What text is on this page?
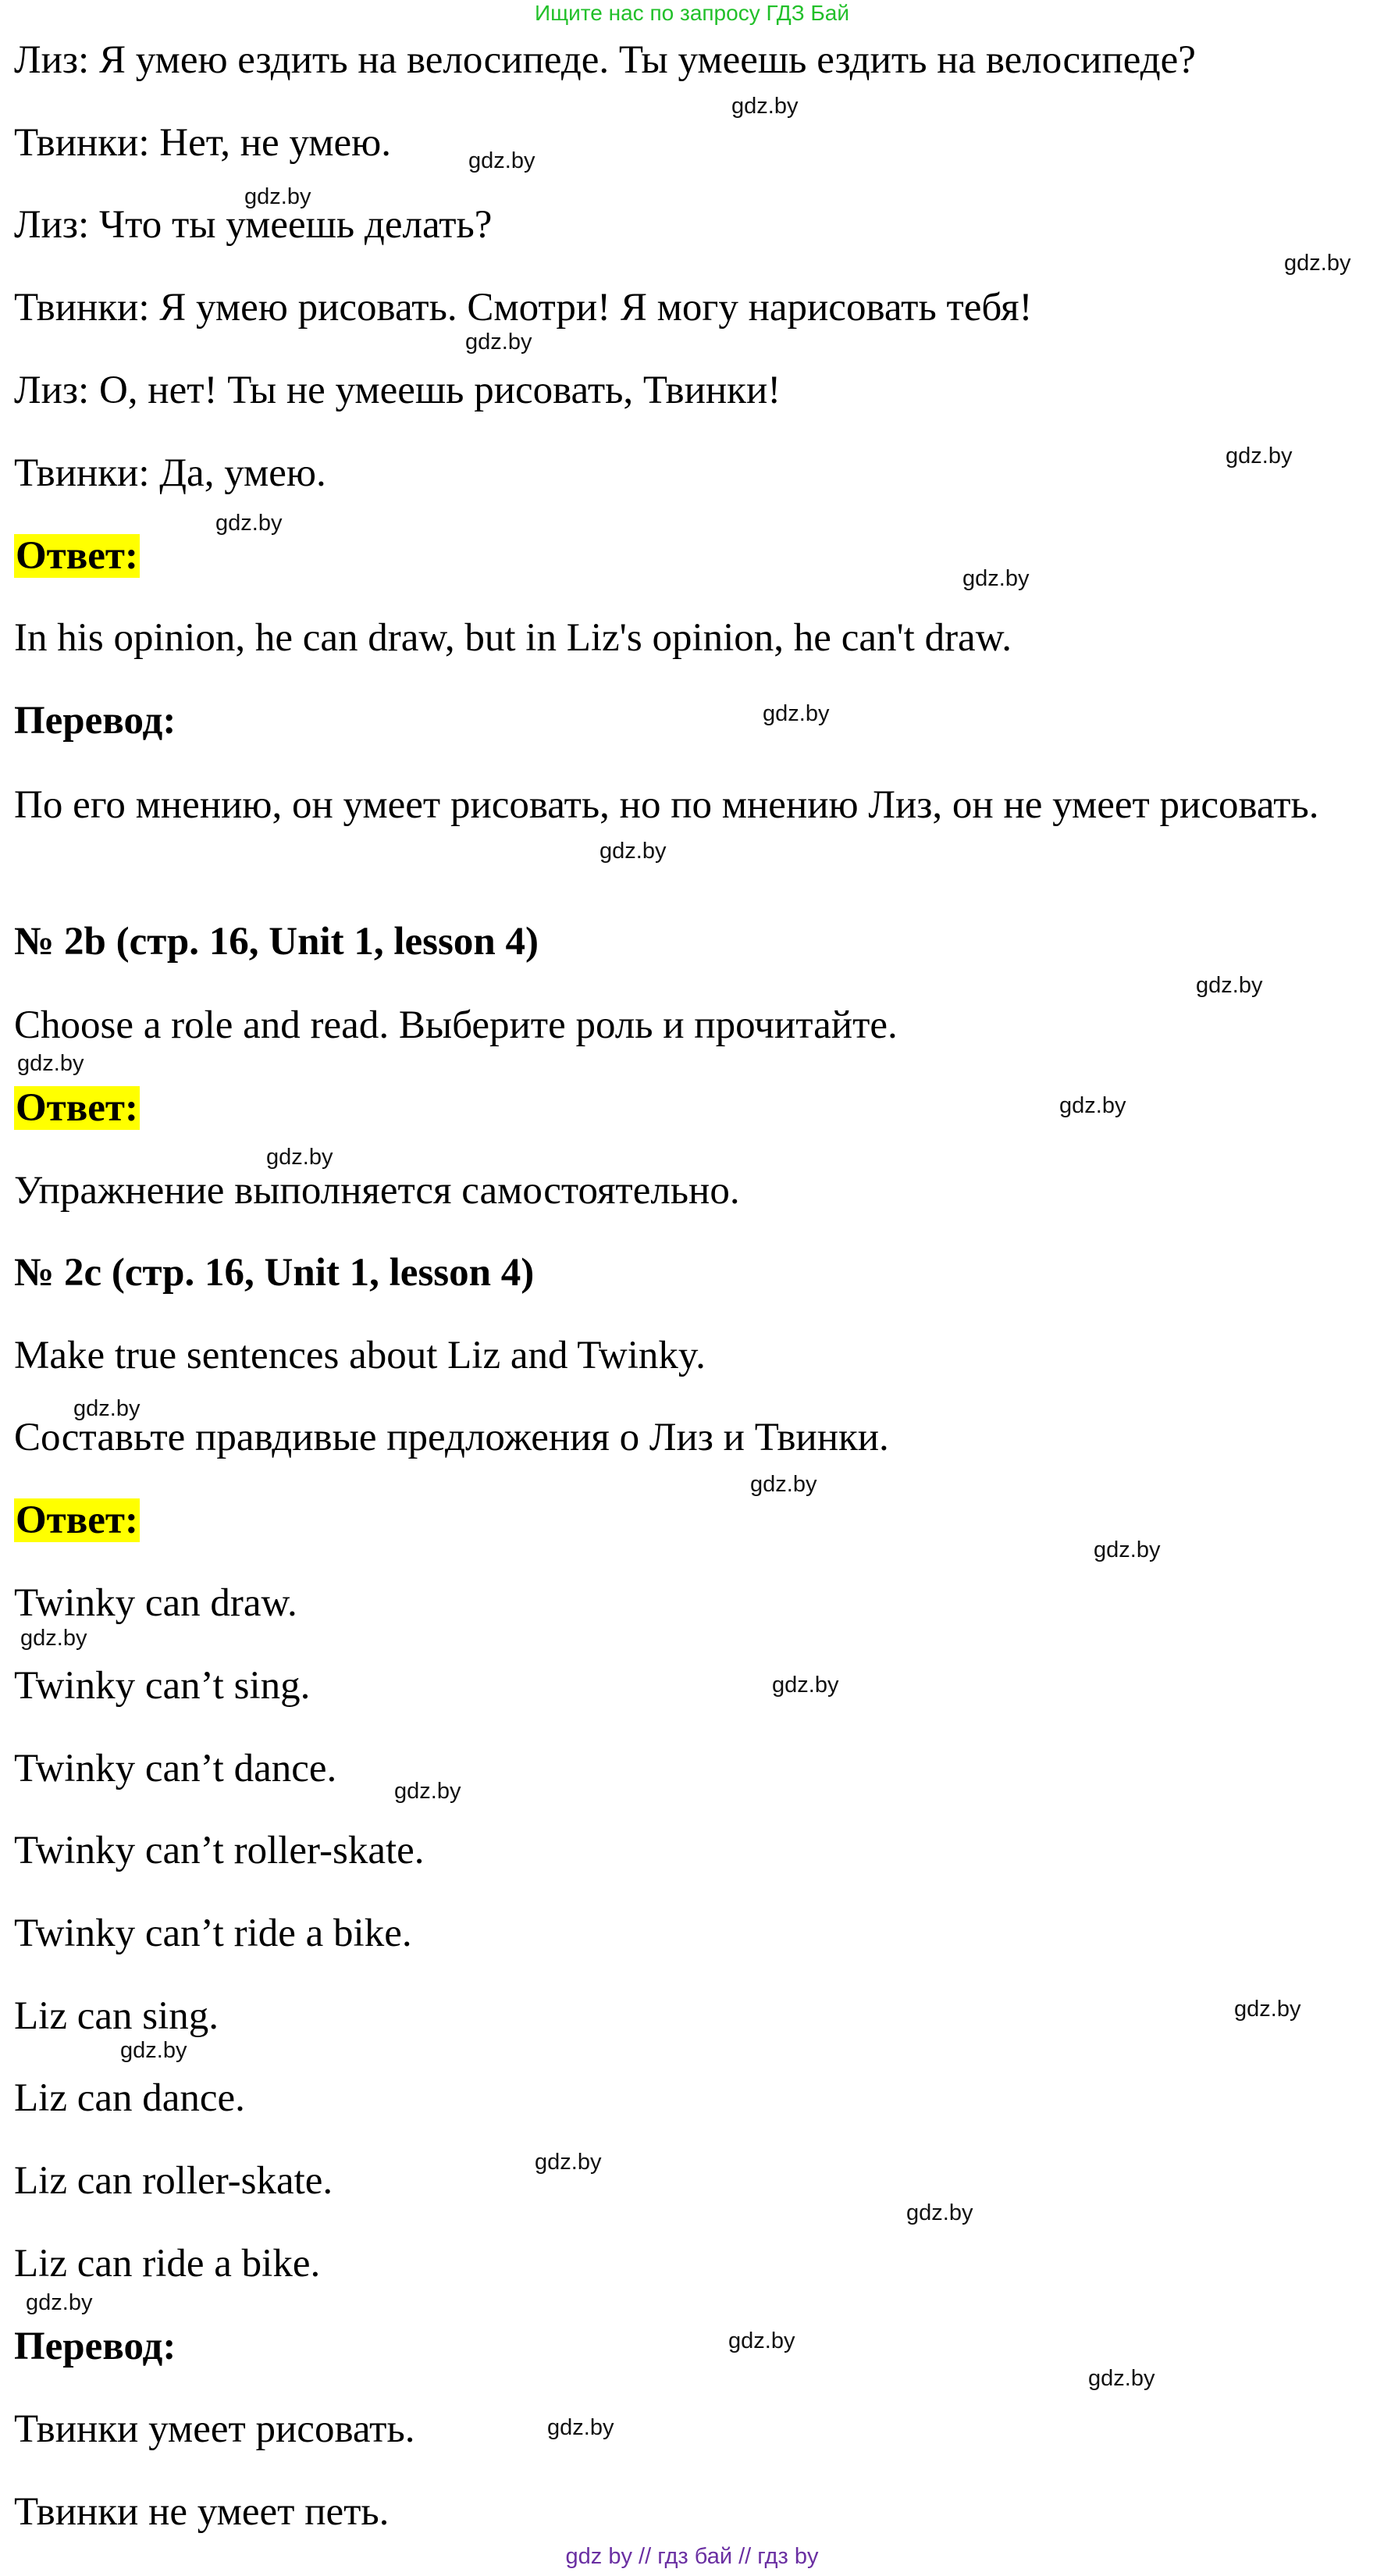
Ищите нас по запросу ГДЗ Бай
Лиз: Я умею ездить на велосипеде. Ты умеешь ездить на велосипеде?
Твинки: Нет, не умею.
Лиз: Что ты умеешь делать?
Твинки: Я умею рисовать. Смотри! Я могу нарисовать тебя!
Лиз: О, нет! Ты не умеешь рисовать, Твинки!
Твинки: Да, умею.
Ответ:
In his opinion, he can draw, but in Liz's opinion, he can't draw.
Перевод:
По его мнению, он умеет рисовать, но по мнению Лиз, он не умеет рисовать.
№ 2b (стр. 16, Unit 1, lesson 4)
Choose a role and read. Выберите роль и прочитайте.
Ответ:
Упражнение выполняется самостоятельно.
№ 2c (стр. 16, Unit 1, lesson 4)
Make true sentences about Liz and Twinky.
Составьте правдивые предложения о Лиз и Твинки.
Ответ:
Twinky can draw.
Twinky can’t sing.
Twinky can’t dance.
Twinky can’t roller-skate.
Twinky can’t ride a bike.
Liz can sing.
Liz can dance.
Liz can roller-skate.
Liz can ride a bike.
Перевод:
Твинки умеет рисовать.
Твинки не умеет петь.
gdz.by
gdz.by
gdz.by
gdz.by
gdz.by
gdz.by
gdz.by
gdz.by
gdz.by
gdz.by
gdz.by
gdz.by
gdz.by
gdz.by
gdz.by
gdz.by
gdz.by
gdz.by
gdz.by
gdz.by
gdz.by
gdz.by
gdz.by
gdz.by
gdz.by
gdz.by
gdz.by
gdz.by
gdz by // гдз бай // гдз by
